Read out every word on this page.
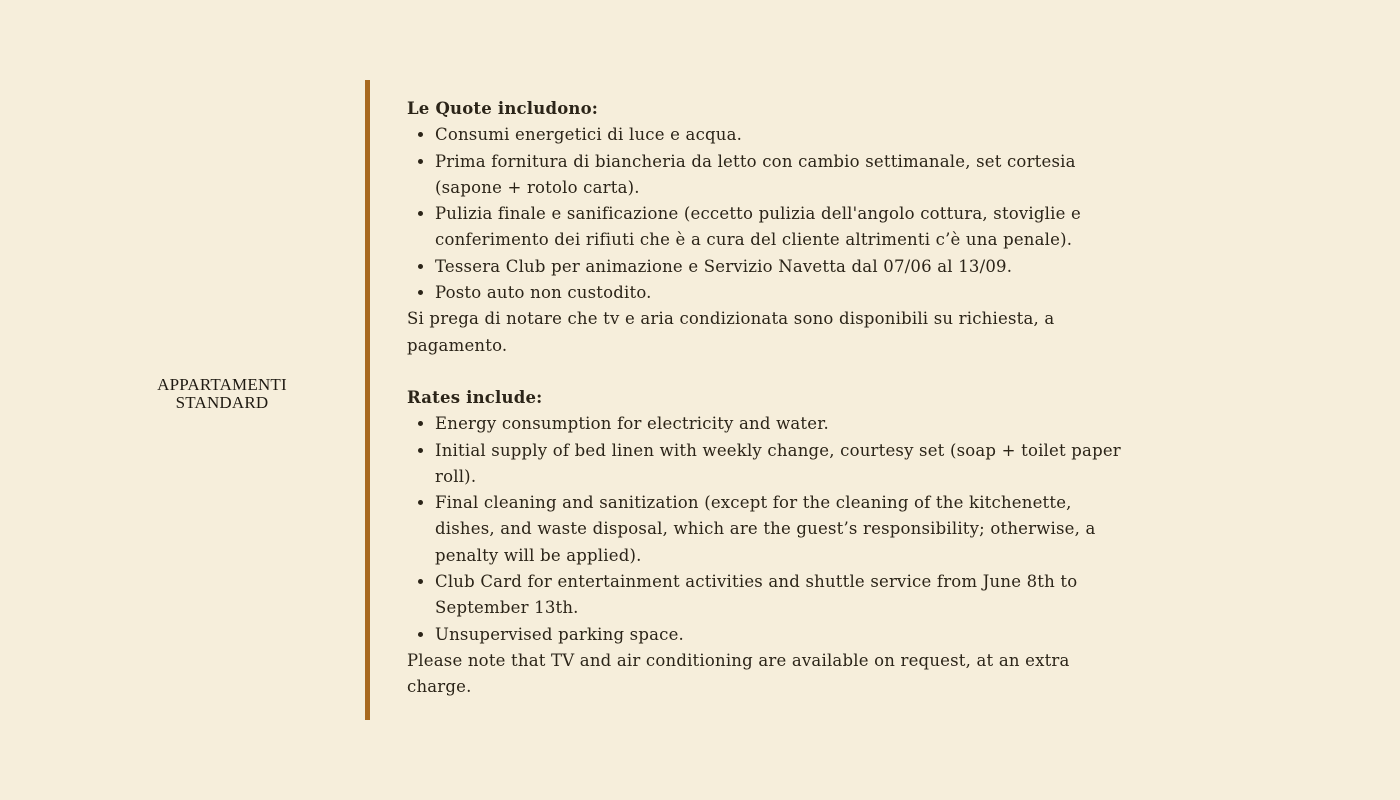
APPARTAMENTI
STANDARD
Le Quote includono:
• Consumi energetici di luce e acqua.
• Prima fornitura di biancheria da letto con cambio settimanale, set cortesia (sapone + rotolo carta).
• Pulizia finale e sanificazione (eccetto pulizia dell'angolo cottura, stoviglie e conferimento dei rifiuti che è a cura del cliente altrimenti c’è una penale).
• Tessera Club per animazione e Servizio Navetta dal 07/06 al 13/09.
• Posto auto non custodito.

Si prega di notare che tv e aria condizionata sono disponibili su richiesta, a pagamento.

Rates include:
• Energy consumption for electricity and water.
• Initial supply of bed linen with weekly change, courtesy set (soap + toilet paper roll).
• Final cleaning and sanitization (except for the cleaning of the kitchenette, dishes, and waste disposal, which are the guest’s responsibility; otherwise, a penalty will be applied).
• Club Card for entertainment activities and shuttle service from June 8th to September 13th.
• Unsupervised parking space.

Please note that TV and air conditioning are available on request, at an extra charge.
